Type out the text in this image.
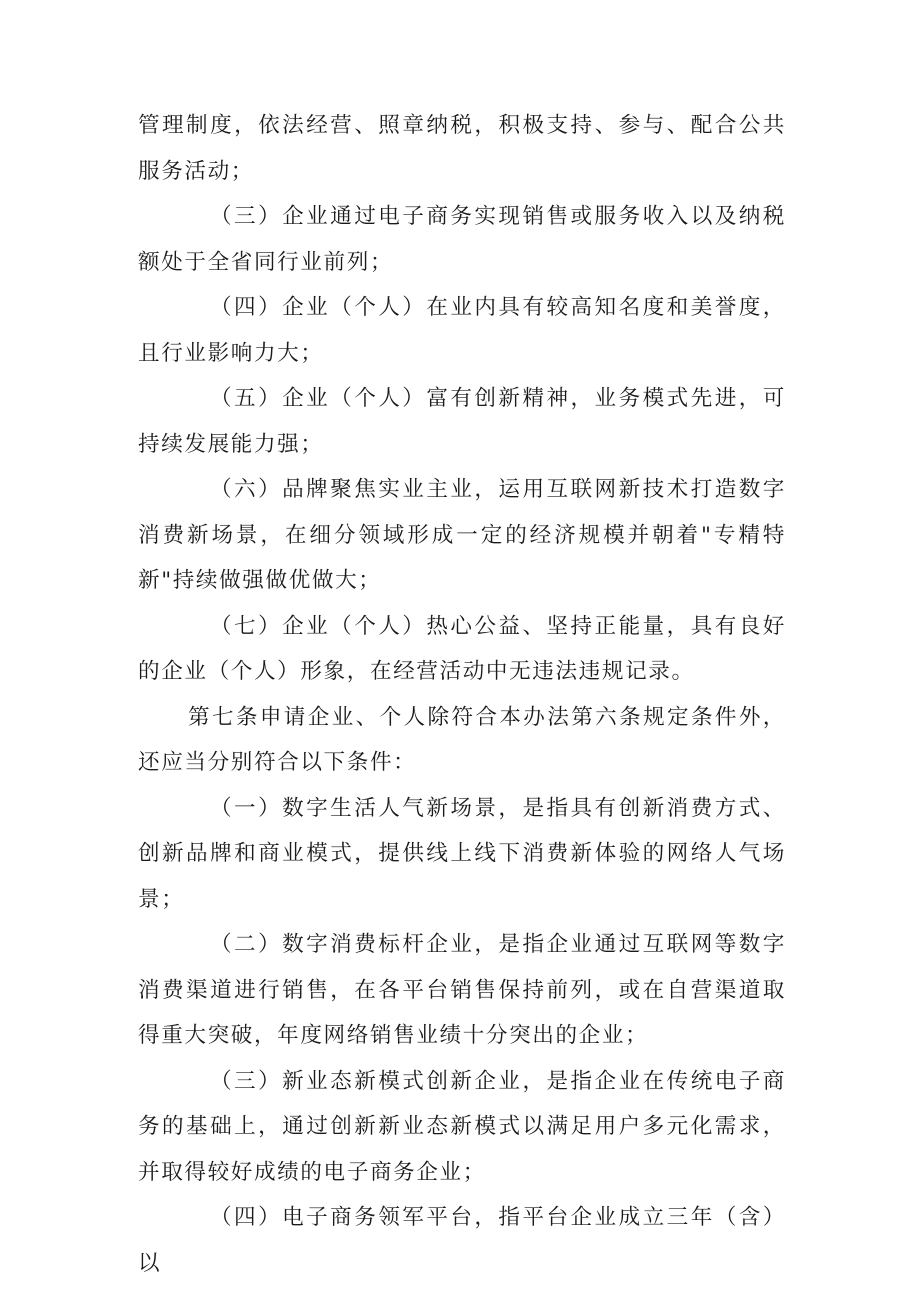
管理制度，依法经营、照章纳税，积极支持、参与、配合公共服务活动；

（三）企业通过电子商务实现销售或服务收入以及纳税额处于全省同行业前列；

（四）企业（个人）在业内具有较高知名度和美誉度，且行业影响力大；

（五）企业（个人）富有创新精神，业务模式先进，可持续发展能力强；

（六）品牌聚焦实业主业，运用互联网新技术打造数字消费新场景，在细分领域形成一定的经济规模并朝着"专精特新"持续做强做优做大；

（七）企业（个人）热心公益、坚持正能量，具有良好的企业（个人）形象，在经营活动中无违法违规记录。

第七条申请企业、个人除符合本办法第六条规定条件外，还应当分别符合以下条件：

（一）数字生活人气新场景，是指具有创新消费方式、创新品牌和商业模式，提供线上线下消费新体验的网络人气场景；

（二）数字消费标杆企业，是指企业通过互联网等数字消费渠道进行销售，在各平台销售保持前列，或在自营渠道取得重大突破，年度网络销售业绩十分突出的企业；

（三）新业态新模式创新企业，是指企业在传统电子商务的基础上，通过创新新业态新模式以满足用户多元化需求，并取得较好成绩的电子商务企业；

（四）电子商务领军平台，指平台企业成立三年（含）以
